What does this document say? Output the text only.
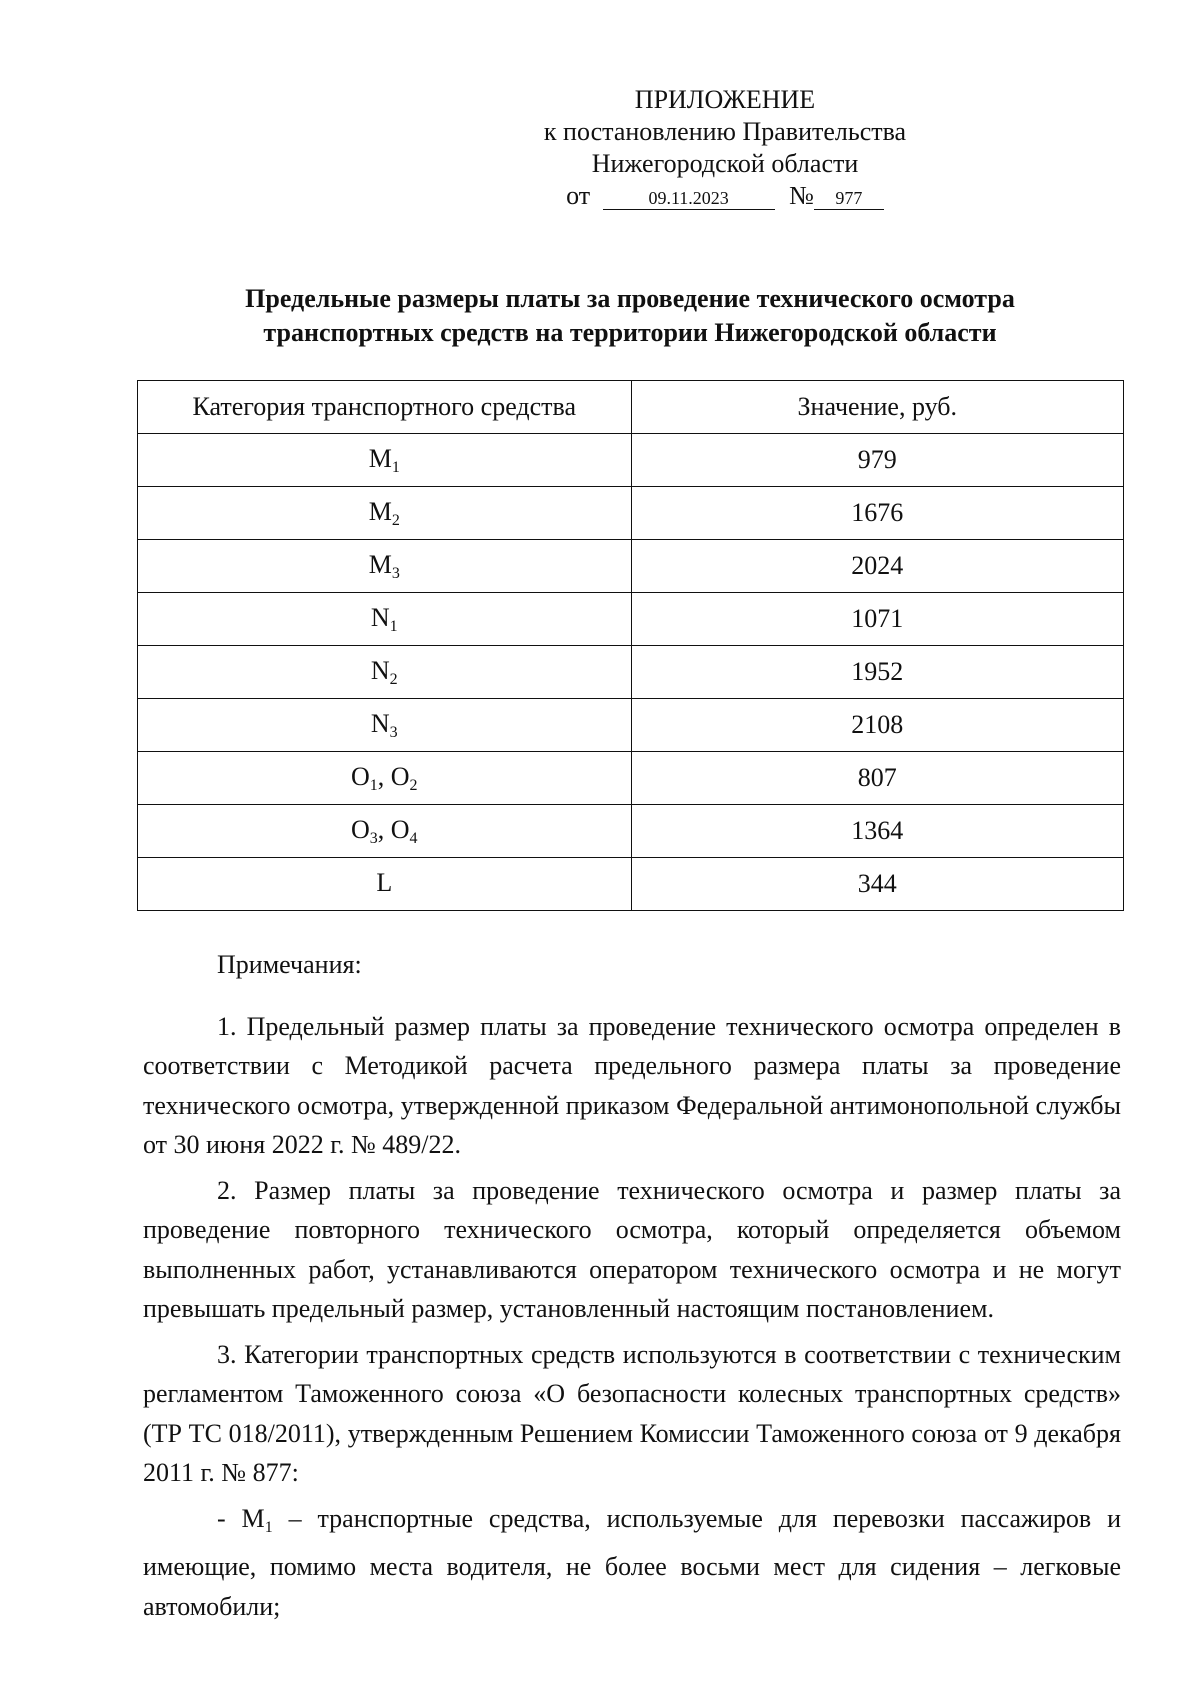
ПРИЛОЖЕНИЕ
к постановлению Правительства
Нижегородской области
от	09.11.2023 № 977
Предельные размеры платы за проведение технического осмотра
транспортных средств на территории Нижегородской области
Категория транспортного средства	Значение, руб.
$M_1$	979
$M_2$	1676
$M_3$	2024
$N_1$	1071
$N_2$	1952
$N_3$	2108
$O_1$, $O_2$	807
$O_3$, $O_4$	1364
L	344

Примечания:

1. Предельный размер платы за проведение технического осмотра определен в соответствии с Методикой расчета предельного размера платы за проведение технического осмотра, утвержденной приказом Федеральной антимонопольной службы от 30 июня 2022 г. № 489/22.

2. Размер платы за проведение технического осмотра и размер платы за проведение повторного технического осмотра, который определяется объемом выполненных работ, устанавливаются оператором технического осмотра и не могут превышать предельный размер, установленный настоящим постановлением.

3. Категории транспортных средств используются в соответствии с техническим регламентом Таможенного союза «О безопасности колесных транспортных средств» (ТР ТС 018/2011), утвержденным Решением Комиссии Таможенного союза от 9 декабря 2011 г. № 877:

- $M_1$ – транспортные средства, используемые для перевозки пассажиров и имеющие, помимо места водителя, не более восьми мест для сидения – легковые автомобили;
